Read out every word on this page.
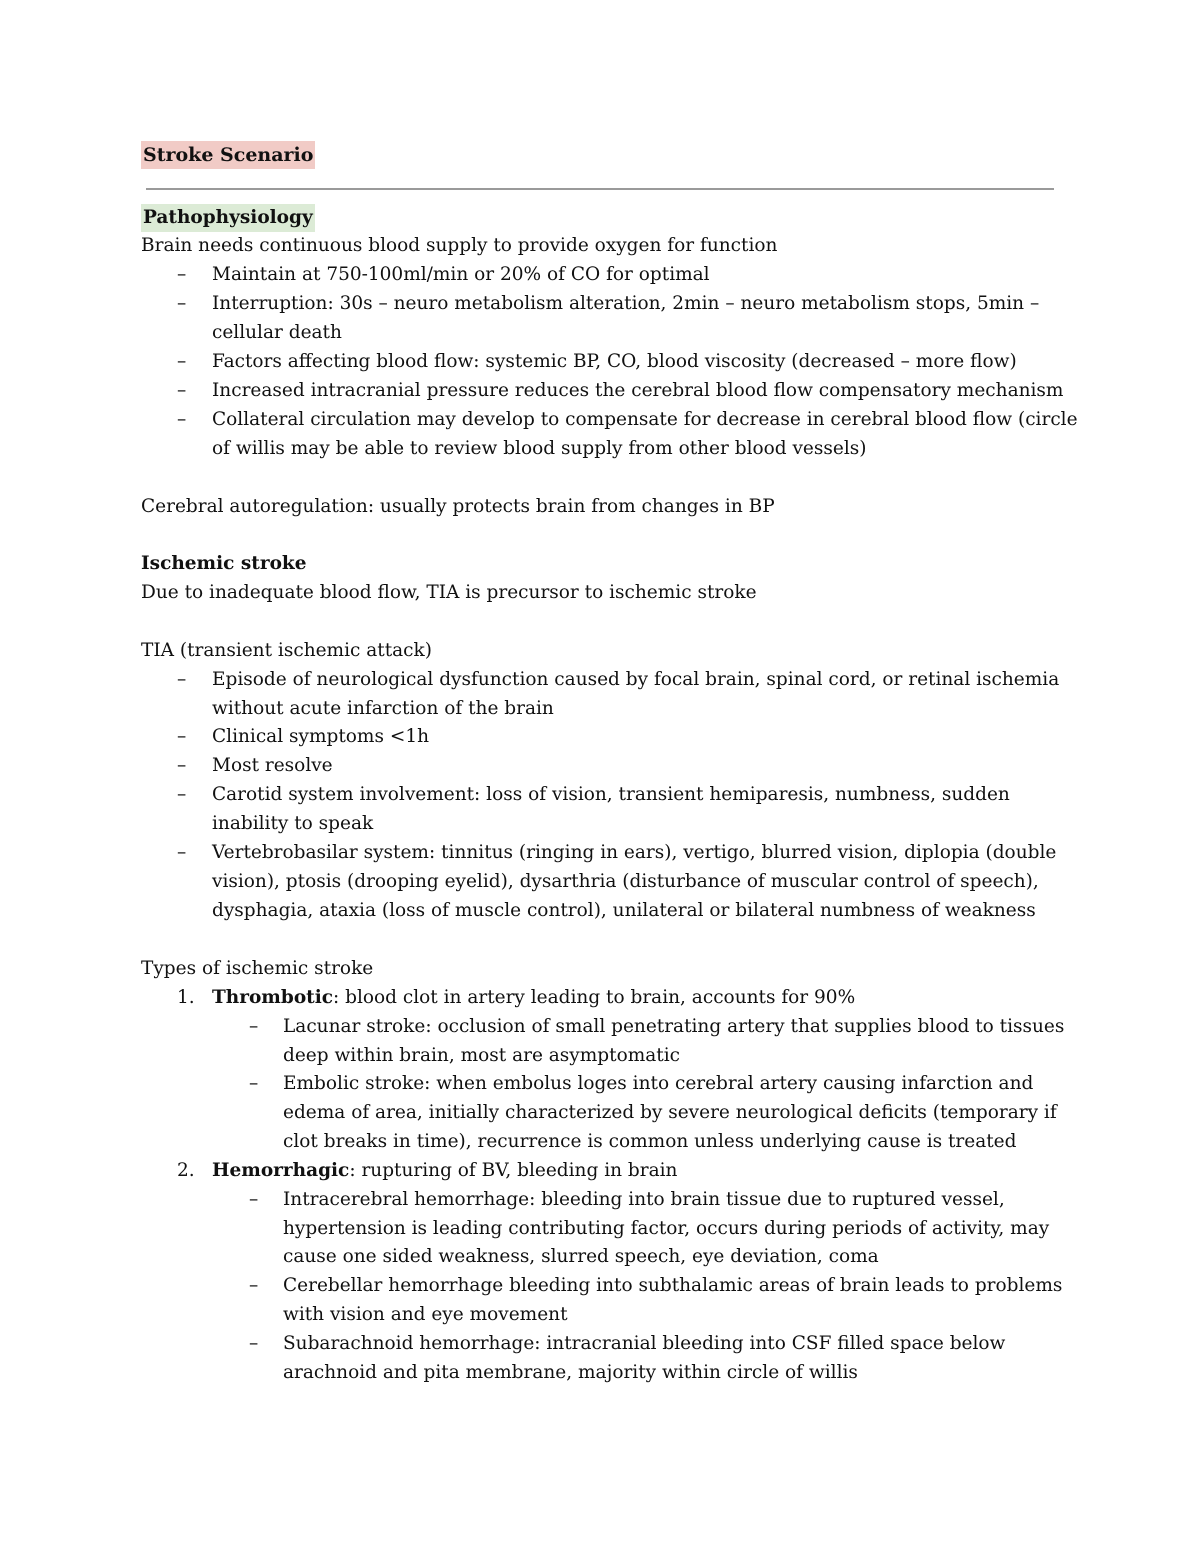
Stroke Scenario
Pathophysiology
Brain needs continuous blood supply to provide oxygen for function
– Maintain at 750-100ml/min or 20% of CO for optimal
– Interruption: 30s – neuro metabolism alteration, 2min – neuro metabolism stops, 5min –
cellular death
– Factors affecting blood flow: systemic BP, CO, blood viscosity (decreased – more flow)
– Increased intracranial pressure reduces the cerebral blood flow compensatory mechanism
– Collateral circulation may develop to compensate for decrease in cerebral blood flow (circle
of willis may be able to review blood supply from other blood vessels)
Cerebral autoregulation: usually protects brain from changes in BP
Ischemic stroke
Due to inadequate blood flow, TIA is precursor to ischemic stroke
TIA (transient ischemic attack)
– Episode of neurological dysfunction caused by focal brain, spinal cord, or retinal ischemia
without acute infarction of the brain
– Clinical symptoms <1h
– Most resolve
– Carotid system involvement: loss of vision, transient hemiparesis, numbness, sudden
inability to speak
– Vertebrobasilar system: tinnitus (ringing in ears), vertigo, blurred vision, diplopia (double
vision), ptosis (drooping eyelid), dysarthria (disturbance of muscular control of speech),
dysphagia, ataxia (loss of muscle control), unilateral or bilateral numbness of weakness
Types of ischemic stroke
1. Thrombotic: blood clot in artery leading to brain, accounts for 90%
– Lacunar stroke: occlusion of small penetrating artery that supplies blood to tissues
deep within brain, most are asymptomatic
– Embolic stroke: when embolus loges into cerebral artery causing infarction and
edema of area, initially characterized by severe neurological deficits (temporary if
clot breaks in time), recurrence is common unless underlying cause is treated
2. Hemorrhagic: rupturing of BV, bleeding in brain
– Intracerebral hemorrhage: bleeding into brain tissue due to ruptured vessel,
hypertension is leading contributing factor, occurs during periods of activity, may
cause one sided weakness, slurred speech, eye deviation, coma
– Cerebellar hemorrhage bleeding into subthalamic areas of brain leads to problems
with vision and eye movement
– Subarachnoid hemorrhage: intracranial bleeding into CSF filled space below
arachnoid and pita membrane, majority within circle of willis
